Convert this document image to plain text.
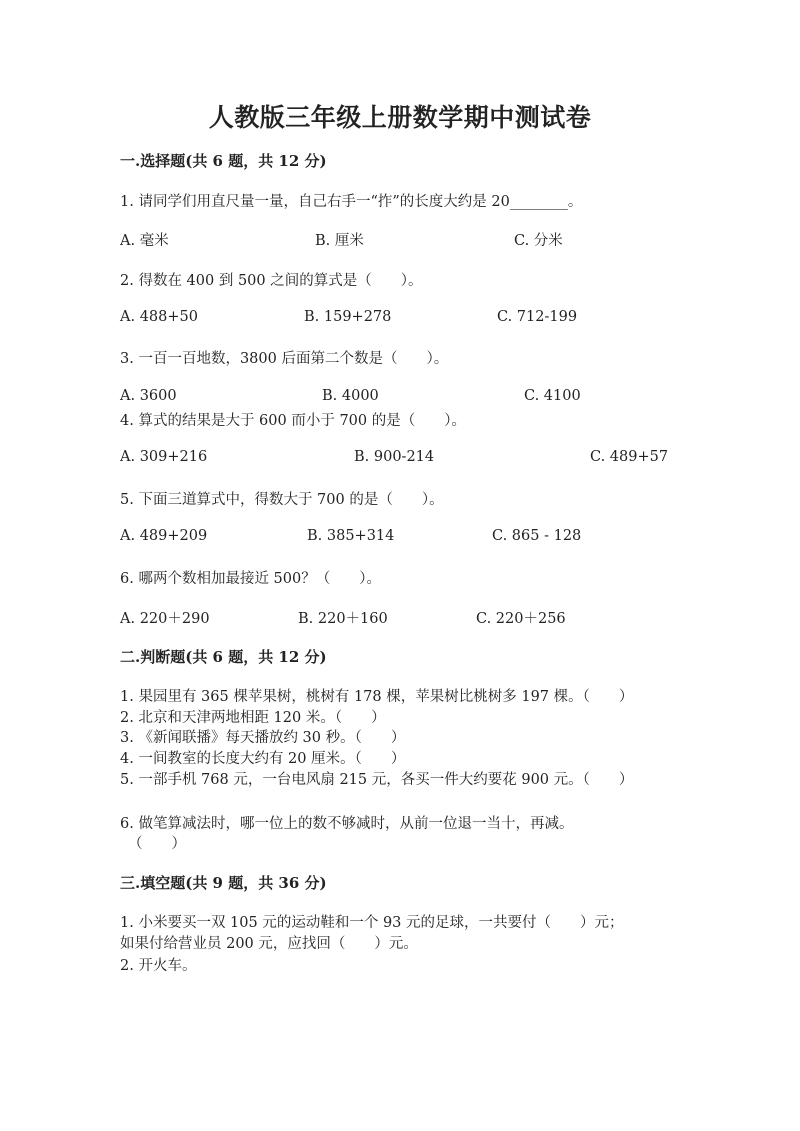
人教版三年级上册数学期中测试卷
一.选择题(共 6 题，共 12 分)
1. 请同学们用直尺量一量，自己右手一“拃”的长度大约是 20________。
A. 毫米	B. 厘米	C. 分米
2. 得数在 400 到 500 之间的算式是（　　）。
A. 488+50	B. 159+278	C. 712-199
3. 一百一百地数，3800 后面第二个数是（　　）。
A. 3600	B. 4000	C. 4100
4. 算式的结果是大于 600 而小于 700 的是（　　）。
A. 309+216	B. 900-214	C. 489+57
5. 下面三道算式中，得数大于 700 的是（　　）。
A. 489+209	B. 385+314	C. 865 - 128
6. 哪两个数相加最接近 500？（　　）。
A. 220＋290	B. 220＋160	C. 220＋256
二.判断题(共 6 题，共 12 分)
1. 果园里有 365 棵苹果树，桃树有 178 棵，苹果树比桃树多 197 棵。（　　）
2. 北京和天津两地相距 120 米。（　　）
3. 《新闻联播》每天播放约 30 秒。（　　）
4. 一间教室的长度大约有 20 厘米。（　　）
5. 一部手机 768 元，一台电风扇 215 元，各买一件大约要花 900 元。（　　）
6. 做笔算减法时，哪一位上的数不够减时，从前一位退一当十，再减。
（　　）
三.填空题(共 9 题，共 36 分)
1. 小米要买一双 105 元的运动鞋和一个 93 元的足球，一共要付（　　）元；
如果付给营业员 200 元，应找回（　　）元。
2. 开火车。
